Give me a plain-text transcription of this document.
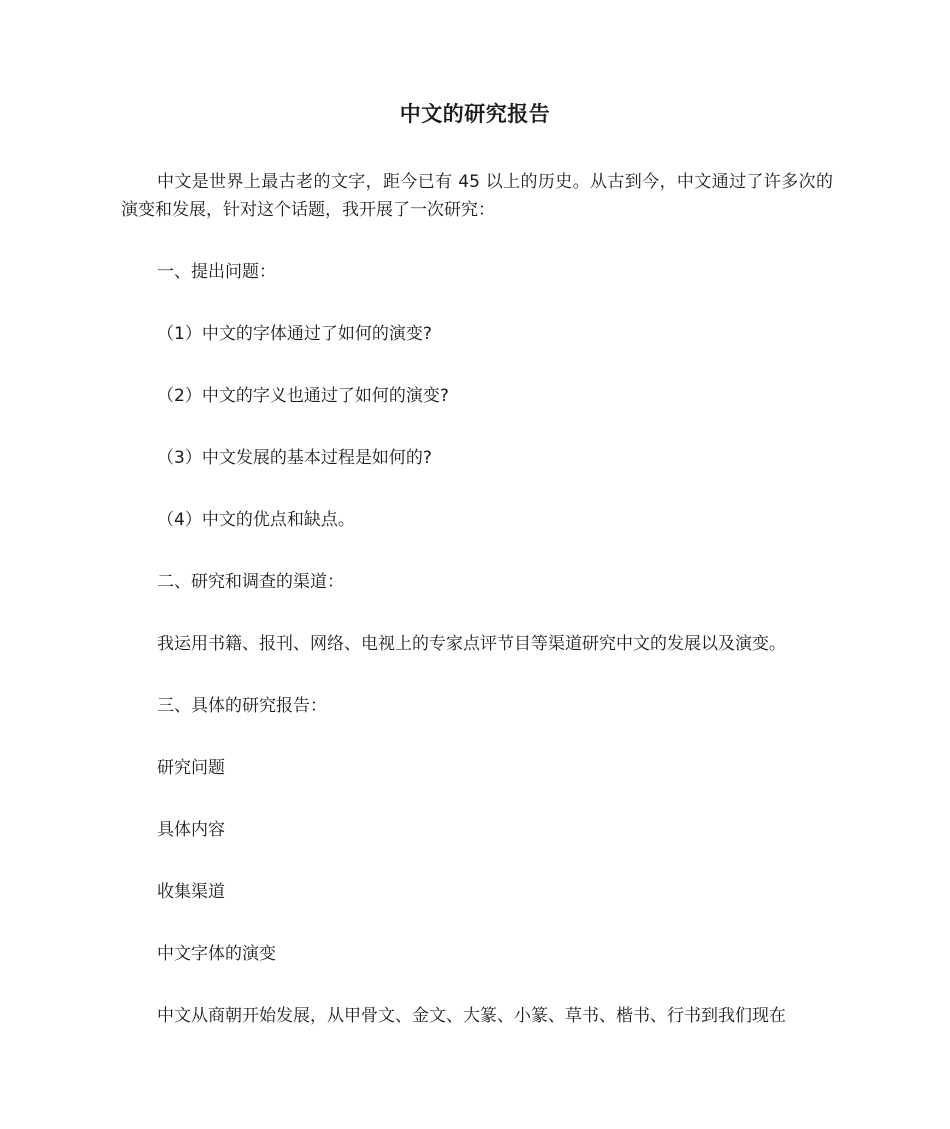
中文的研究报告
中文是世界上最古老的文字，距今已有 45 以上的历史。从古到今，中文通过了许多次的演变和发展，针对这个话题，我开展了一次研究：
一、提出问题：
（1）中文的字体通过了如何的演变?
（2）中文的字义也通过了如何的演变?
（3）中文发展的基本过程是如何的?
（4）中文的优点和缺点。
二、研究和调查的渠道：
我运用书籍、报刊、网络、电视上的专家点评节目等渠道研究中文的发展以及演变。
三、具体的研究报告：
研究问题
具体内容
收集渠道
中文字体的演变
中文从商朝开始发展，从甲骨文、金文、大篆、小篆、草书、楷书、行书到我们现在
